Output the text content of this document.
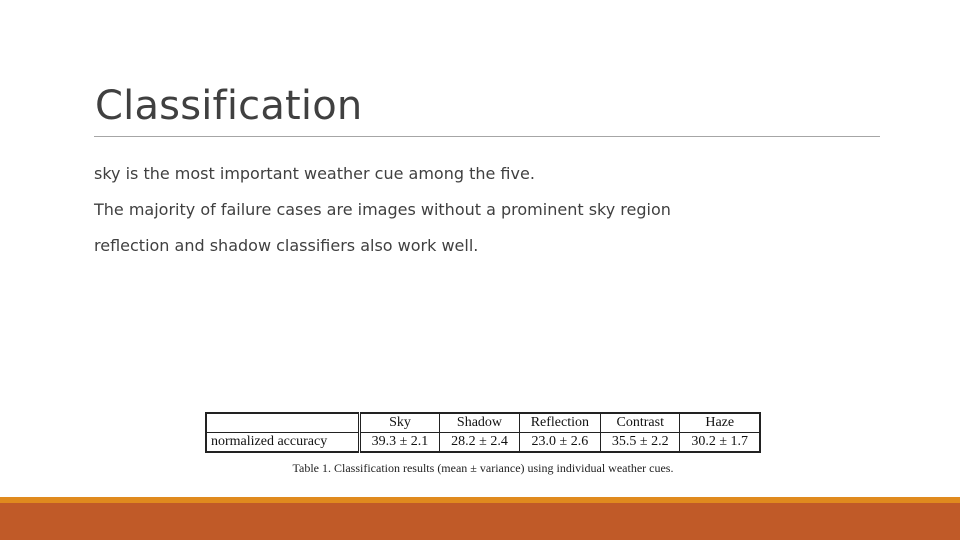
Classification
sky is the most important weather cue among the five.
The majority of failure cases are images without a prominent sky region
reflection and shadow classifiers also work well.
	Sky	Shadow	Reflection	Contrast	Haze
normalized accuracy	39.3 ± 2.1	28.2 ± 2.4	23.0 ± 2.6	35.5 ± 2.2	30.2 ± 1.7
Table 1. Classification results (mean ± variance) using individual weather cues.
